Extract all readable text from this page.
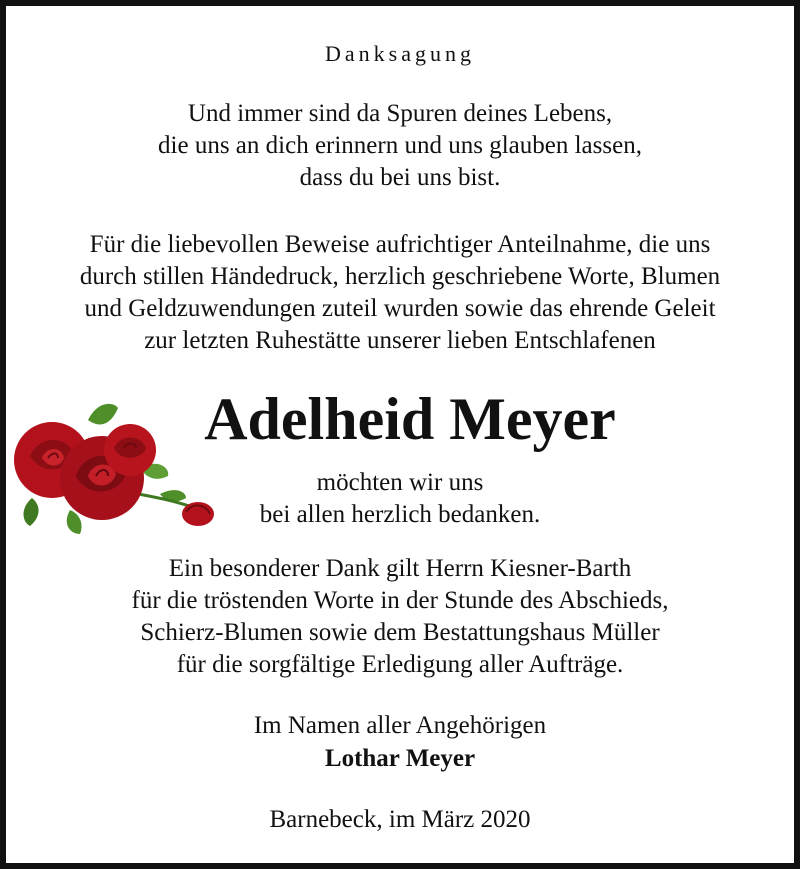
Danksagung
Und immer sind da Spuren deines Lebens,
die uns an dich erinnern und uns glauben lassen,
dass du bei uns bist.
Für die liebevollen Beweise aufrichtiger Anteilnahme, die uns
durch stillen Händedruck, herzlich geschriebene Worte, Blumen
und Geldzuwendungen zuteil wurden sowie das ehrende Geleit
zur letzten Ruhestätte unserer lieben Entschlafenen
Adelheid Meyer
möchten wir uns
bei allen herzlich bedanken.
Ein besonderer Dank gilt Herrn Kiesner-Barth
für die tröstenden Worte in der Stunde des Abschieds,
Schierz-Blumen sowie dem Bestattungshaus Müller
für die sorgfältige Erledigung aller Aufträge.
Im Namen aller Angehörigen
Lothar Meyer
Barnebeck, im März 2020
